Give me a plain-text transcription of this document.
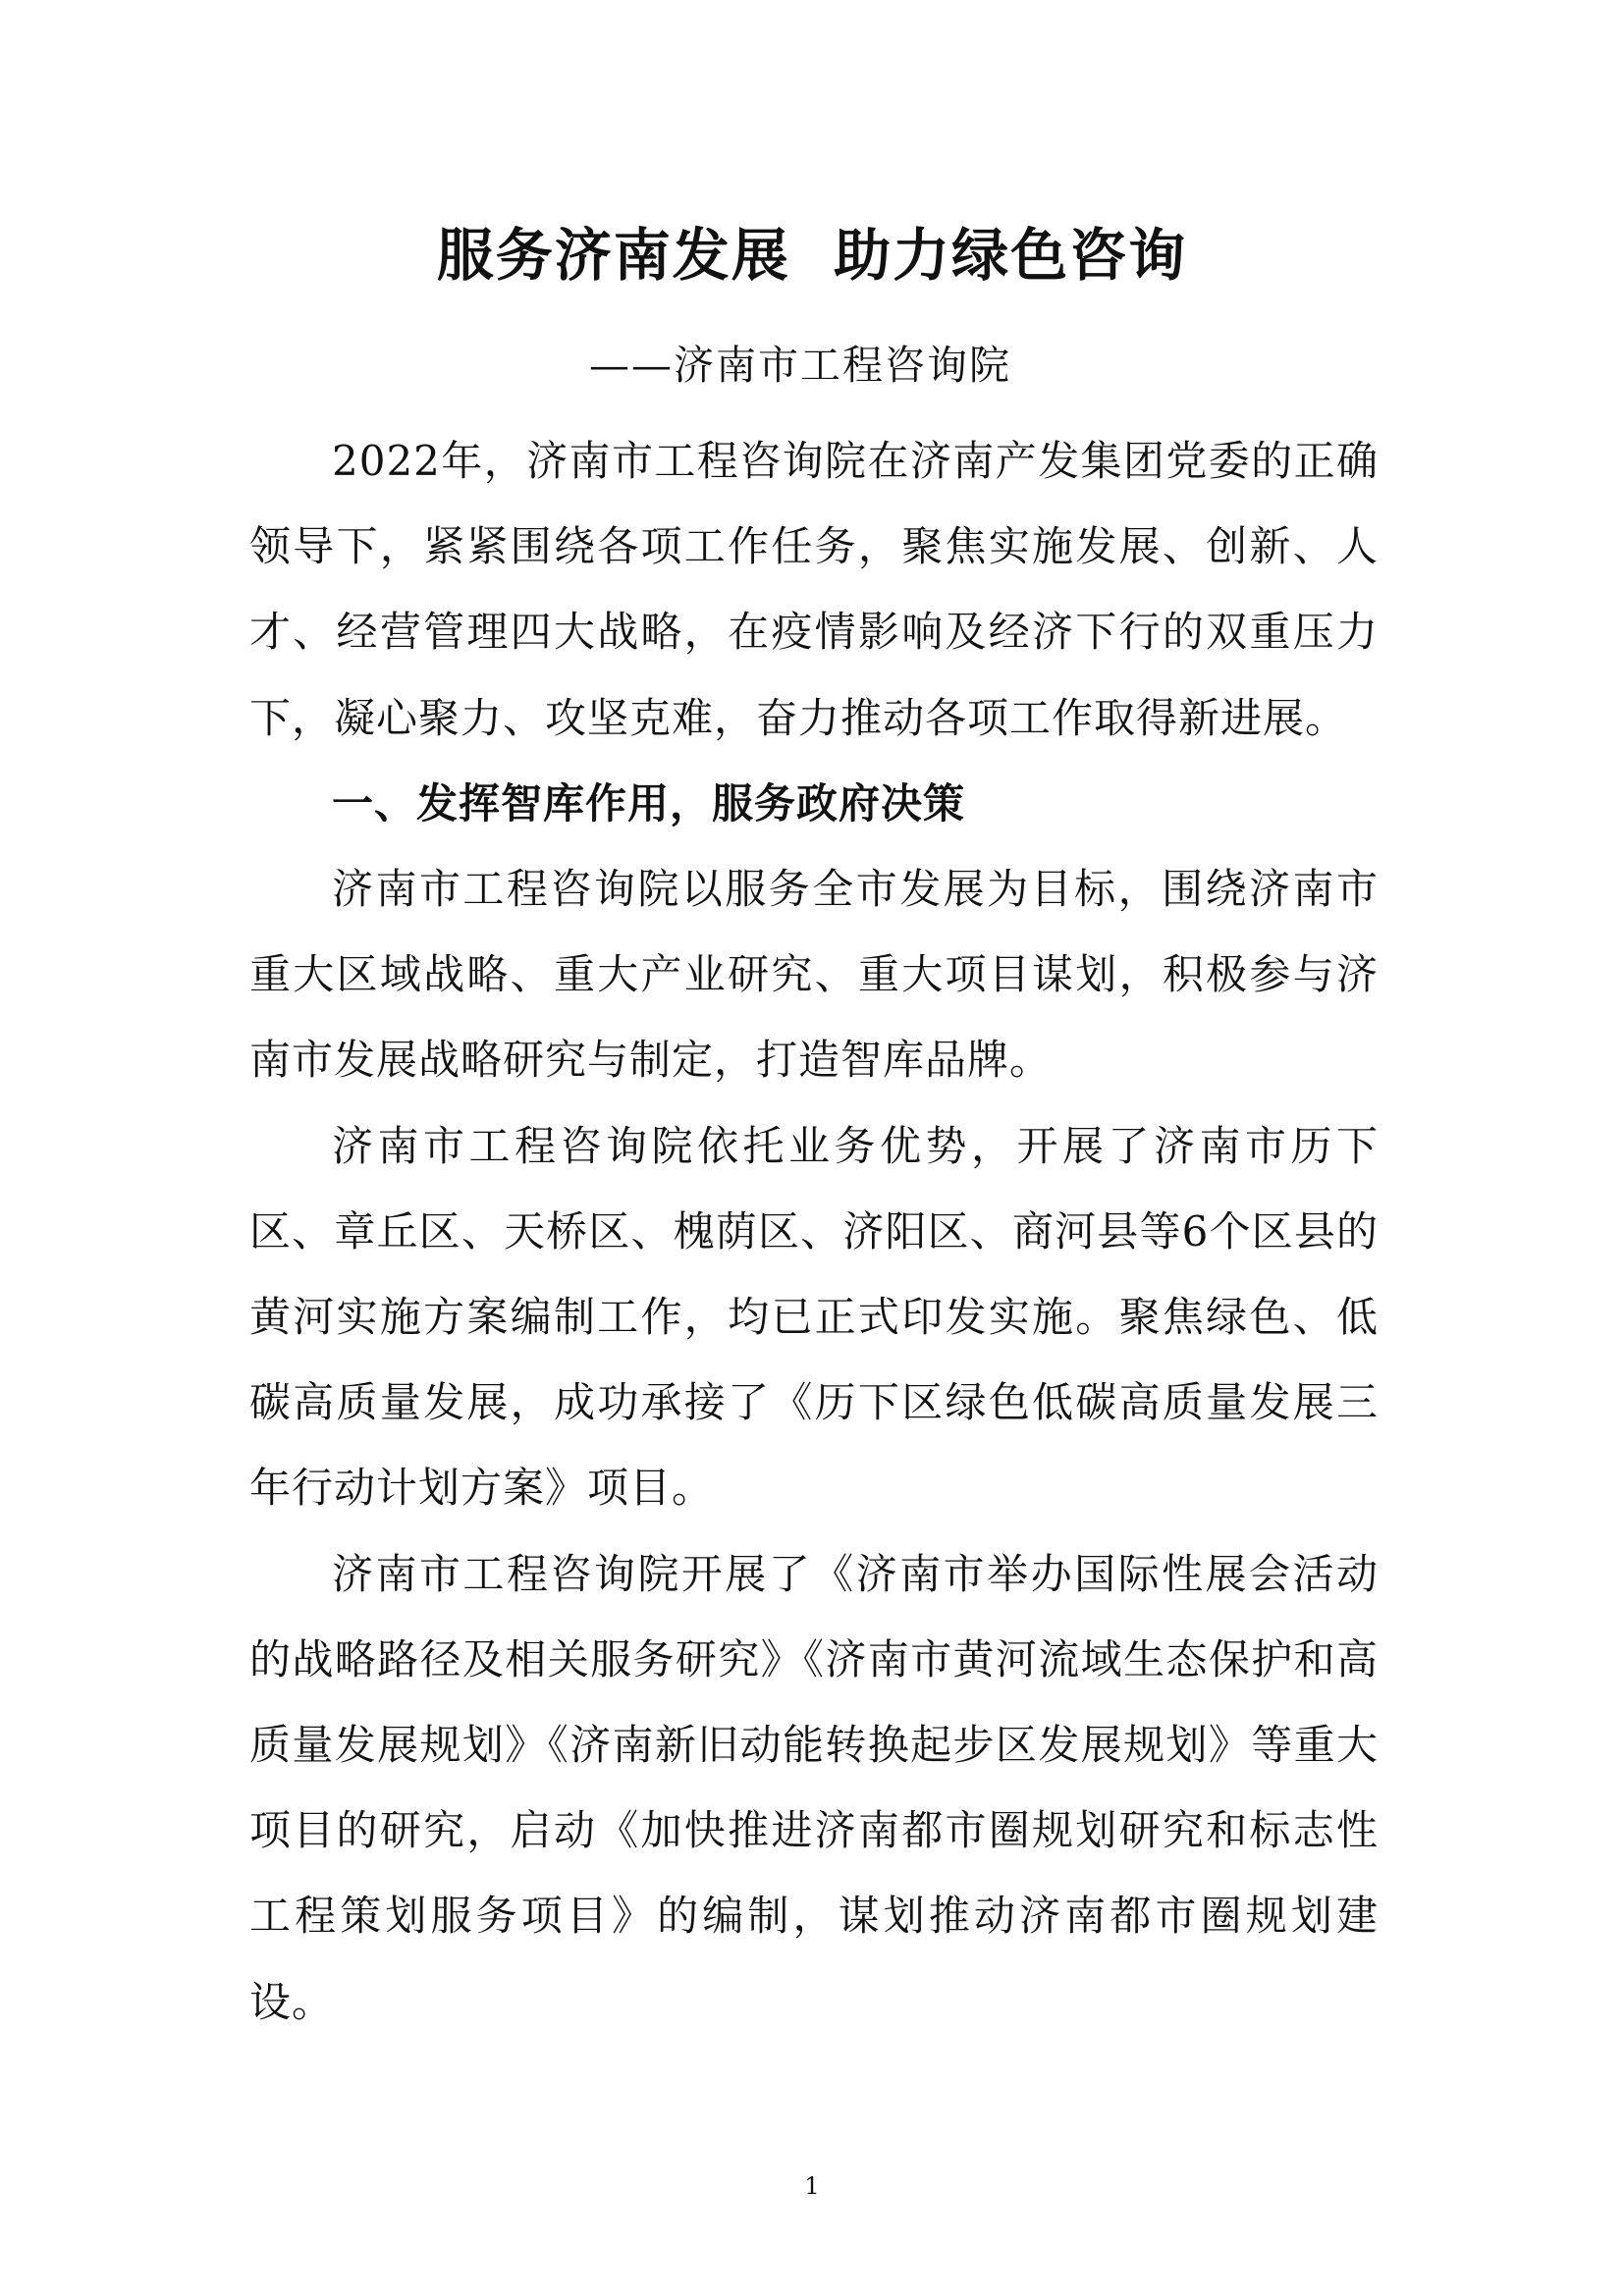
服务济南发展  助力绿色咨询
——济南市工程咨询院

2022年，济南市工程咨询院在济南产发集团党委的正确领导下，紧紧围绕各项工作任务，聚焦实施发展、创新、人才、经营管理四大战略，在疫情影响及经济下行的双重压力下，凝心聚力、攻坚克难，奋力推动各项工作取得新进展。

一、发挥智库作用，服务政府决策

济南市工程咨询院以服务全市发展为目标，围绕济南市重大区域战略、重大产业研究、重大项目谋划，积极参与济南市发展战略研究与制定，打造智库品牌。

济南市工程咨询院依托业务优势，开展了济南市历下区、章丘区、天桥区、槐荫区、济阳区、商河县等6个区县的黄河实施方案编制工作，均已正式印发实施。聚焦绿色、低碳高质量发展，成功承接了《历下区绿色低碳高质量发展三年行动计划方案》项目。

济南市工程咨询院开展了《济南市举办国际性展会活动的战略路径及相关服务研究》《济南市黄河流域生态保护和高质量发展规划》《济南新旧动能转换起步区发展规划》等重大项目的研究，启动《加快推进济南都市圈规划研究和标志性工程策划服务项目》的编制，谋划推动济南都市圈规划建设。

1
